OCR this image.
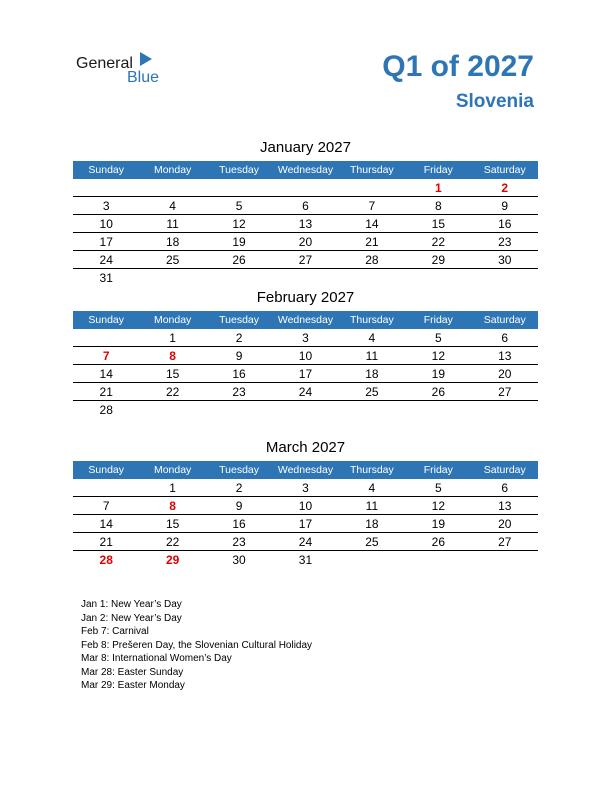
General
Blue	Q1 of 2027
Slovenia
January 2027
Sunday	Monday	Tuesday	Wednesday	Thursday	Friday	Saturday
					1	2
3	4	5	6	7	8	9
10	11	12	13	14	15	16
17	18	19	20	21	22	23
24	25	26	27	28	29	30
31						
February 2027
Sunday	Monday	Tuesday	Wednesday	Thursday	Friday	Saturday
	1	2	3	4	5	6
7	8	9	10	11	12	13
14	15	16	17	18	19	20
21	22	23	24	25	26	27
28						
March 2027
Sunday	Monday	Tuesday	Wednesday	Thursday	Friday	Saturday
	1	2	3	4	5	6
7	8	9	10	11	12	13
14	15	16	17	18	19	20
21	22	23	24	25	26	27
28	29	30	31			
Jan 1: New Year’s Day
Jan 2: New Year’s Day
Feb 7: Carnival
Feb 8: Prešeren Day, the Slovenian Cultural Holiday
Mar 8: International Women’s Day
Mar 28: Easter Sunday
Mar 29: Easter Monday
